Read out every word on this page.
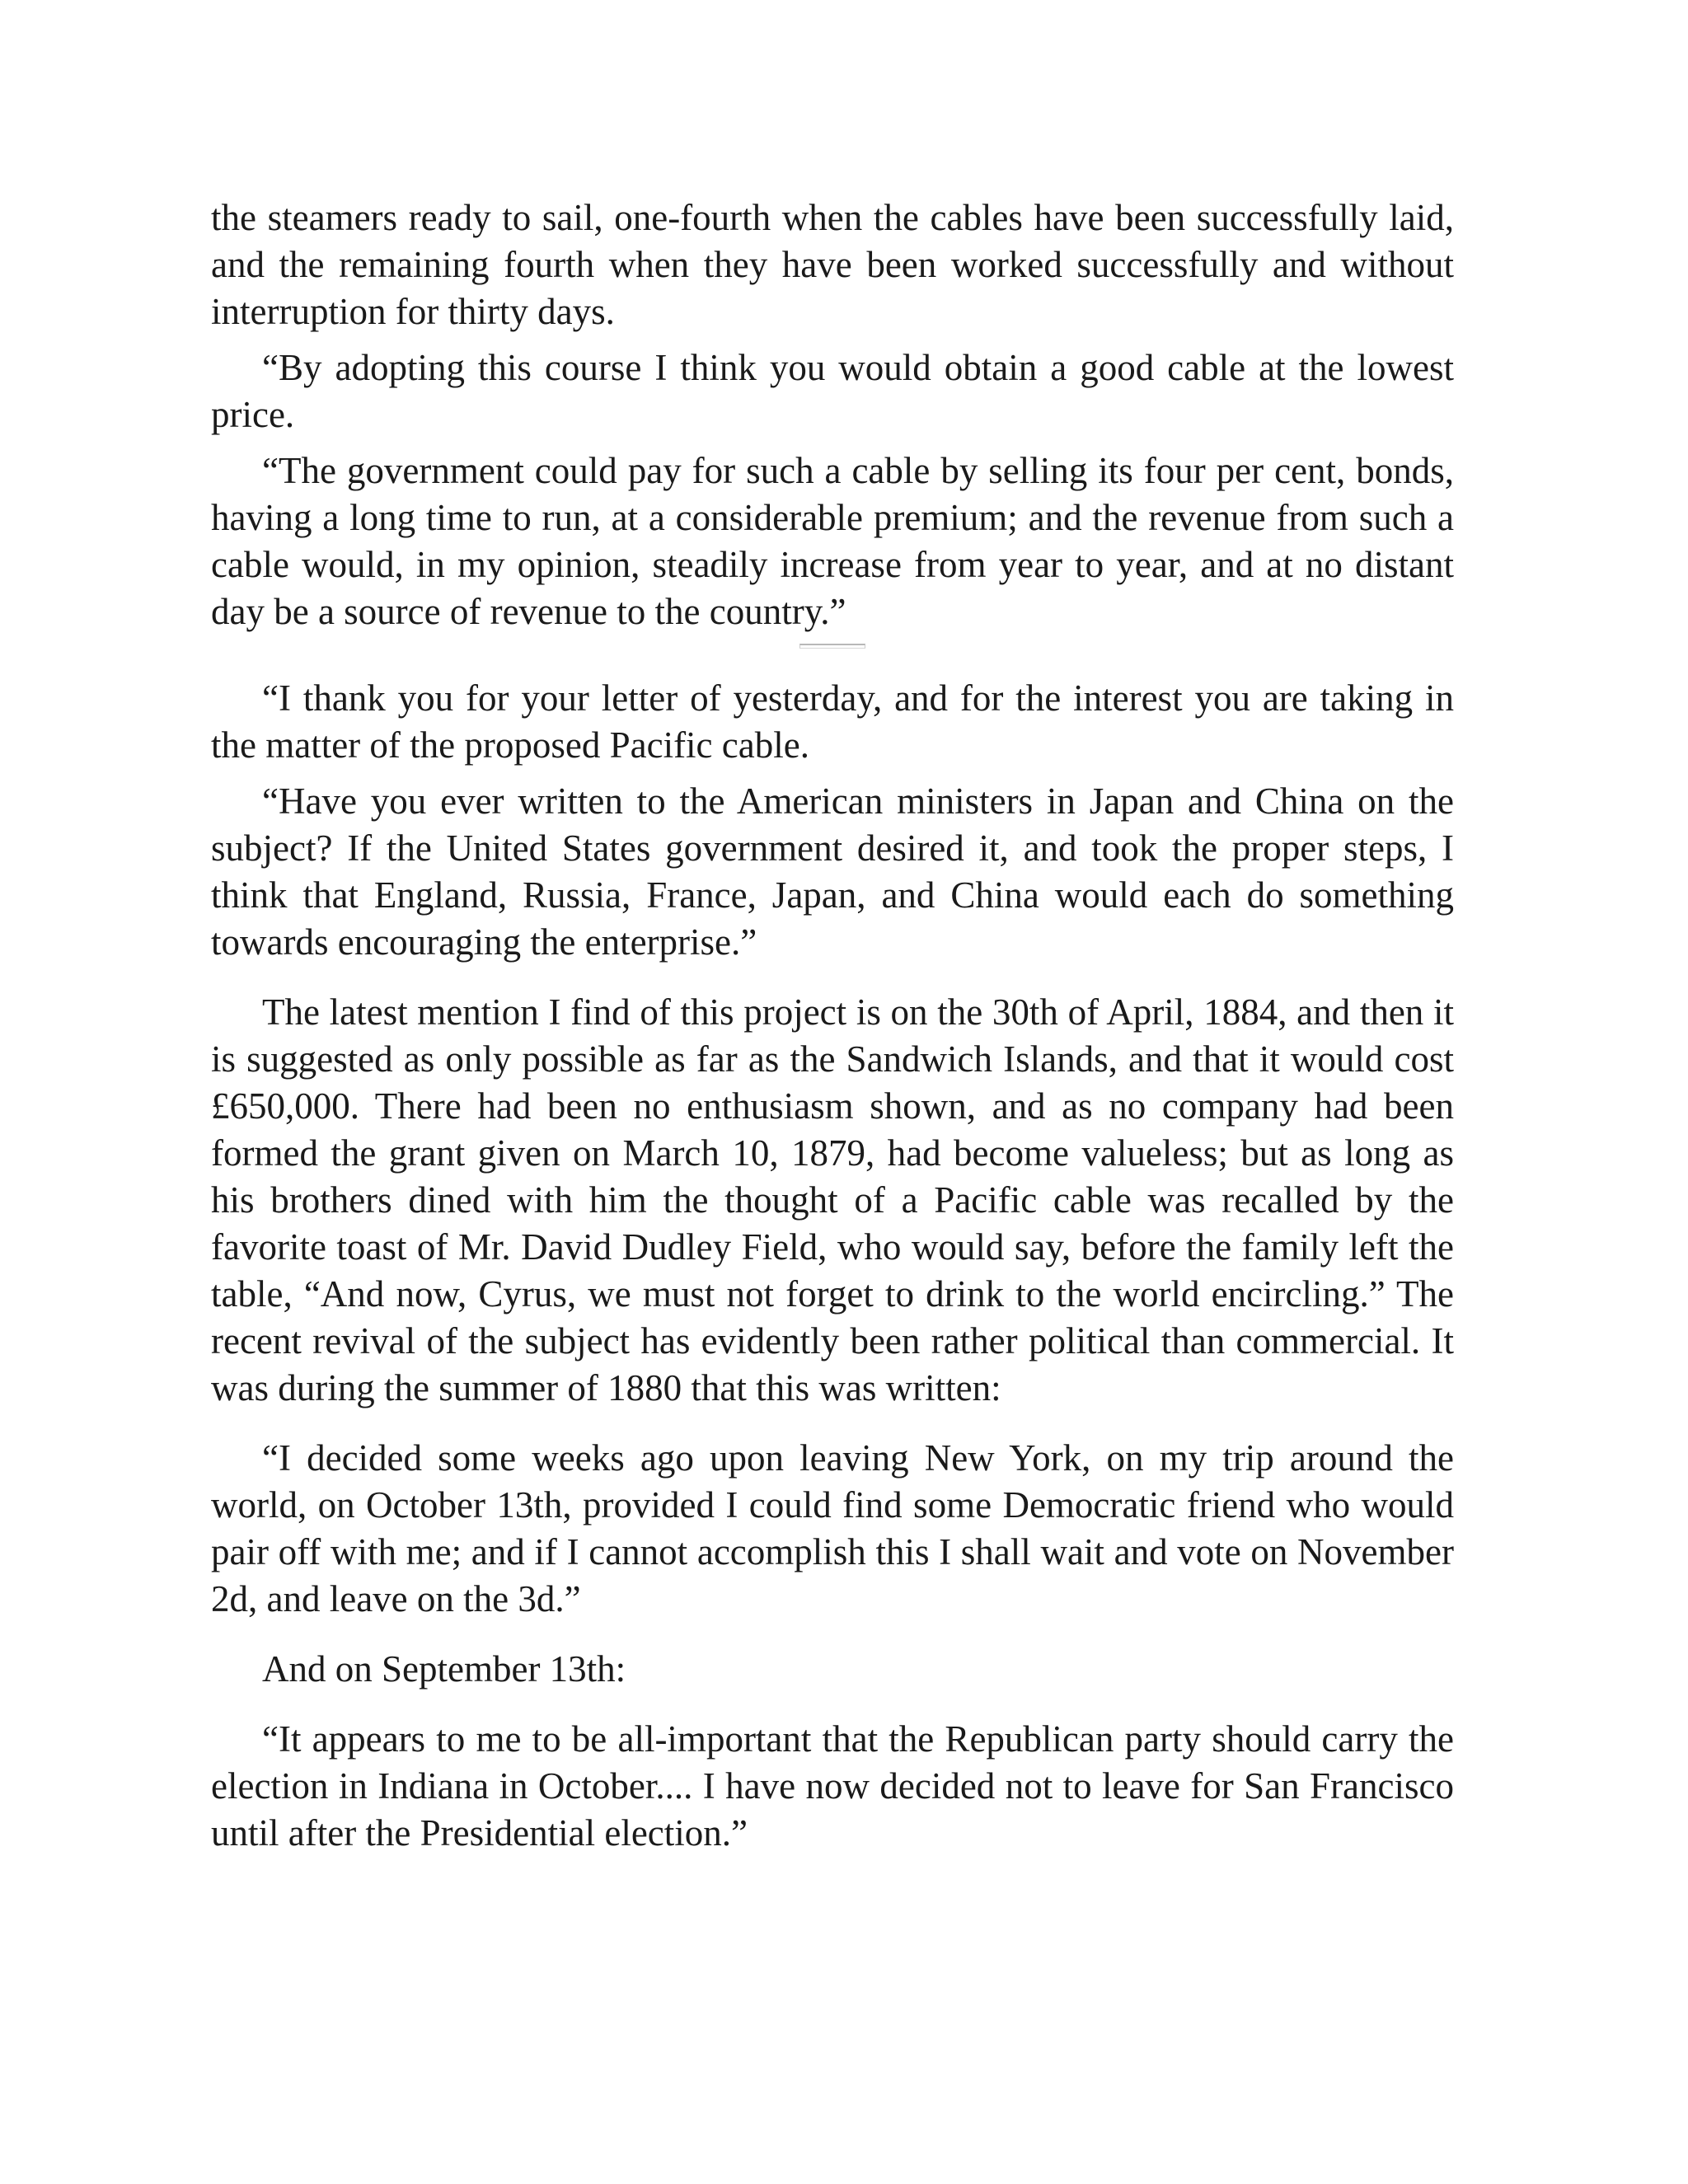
the steamers ready to sail, one-fourth when the cables have been successfully laid, and the remaining fourth when they have been worked successfully and without interruption for thirty days.

“By adopting this course I think you would obtain a good cable at the lowest price.

“The government could pay for such a cable by selling its four per cent, bonds, having a long time to run, at a considerable premium; and the revenue from such a cable would, in my opinion, steadily increase from year to year, and at no distant day be a source of revenue to the country.”

“I thank you for your letter of yesterday, and for the interest you are taking in the matter of the proposed Pacific cable.

“Have you ever written to the American ministers in Japan and China on the subject? If the United States government desired it, and took the proper steps, I think that England, Russia, France, Japan, and China would each do something towards encouraging the enterprise.”

The latest mention I find of this project is on the 30th of April, 1884, and then it is suggested as only possible as far as the Sandwich Islands, and that it would cost £650,000. There had been no enthusiasm shown, and as no company had been formed the grant given on March 10, 1879, had become valueless; but as long as his brothers dined with him the thought of a Pacific cable was recalled by the favorite toast of Mr. David Dudley Field, who would say, before the family left the table, “And now, Cyrus, we must not forget to drink to the world encircling.” The recent revival of the subject has evidently been rather political than commercial. It was during the summer of 1880 that this was written:

“I decided some weeks ago upon leaving New York, on my trip around the world, on October 13th, provided I could find some Democratic friend who would pair off with me; and if I cannot accomplish this I shall wait and vote on November 2d, and leave on the 3d.”

And on September 13th:

“It appears to me to be all-important that the Republican party should carry the election in Indiana in October.... I have now decided not to leave for San Francisco until after the Presidential election.”
